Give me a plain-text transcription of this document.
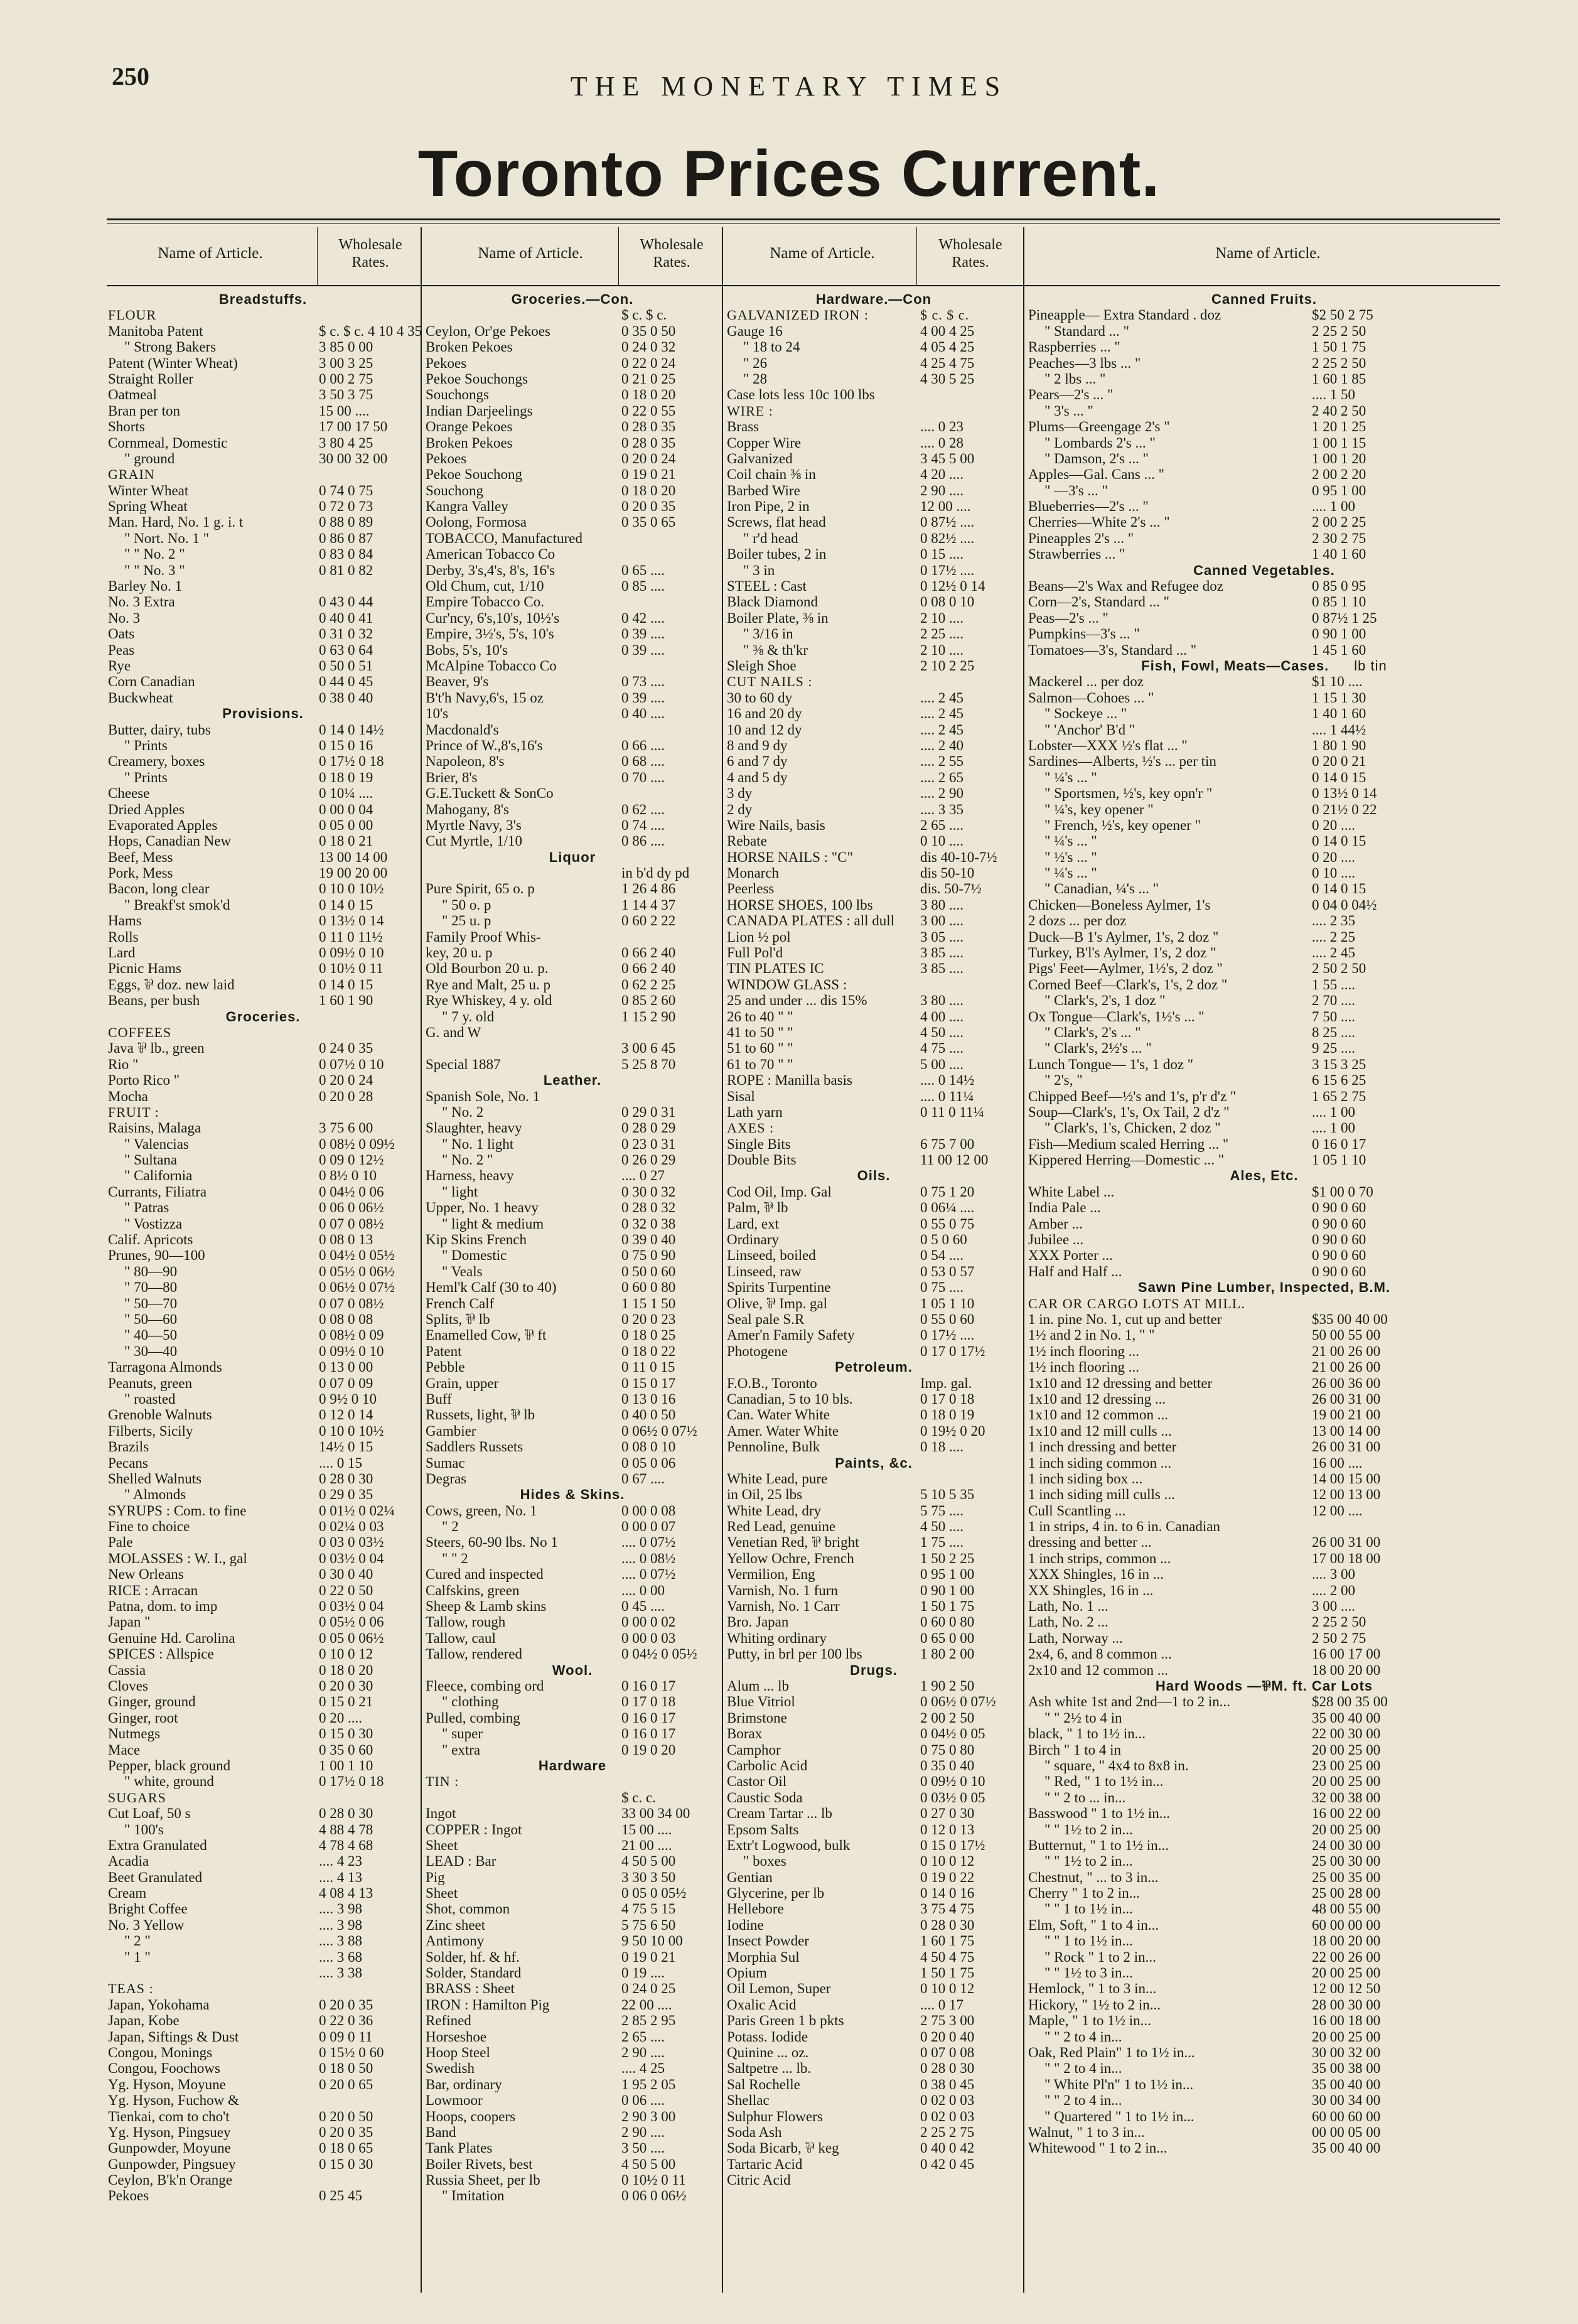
250	THE MONETARY TIMES
Toronto Prices Current.
Name of Article.	Wholesale Rates.
Name of Article.	Wholesale Rates.
Name of Article.	Wholesale Rates.
Name of Article.
Breadstuffs.
FLOUR
Manitoba Patent	$ c. $ c. 4 10 4 35
" Strong Bakers	3 85 0 00
Patent (Winter Wheat)	3 00 3 25
Straight Roller	0 00 2 75
Oatmeal	3 50 3 75
Bran per ton	15 00 ....
Shorts	17 00 17 50
Cornmeal, Domestic	3 80 4 25
" ground	30 00 32 00
GRAIN
Winter Wheat	0 74 0 75
Spring Wheat	0 72 0 73
Man. Hard, No. 1 g. i. t	0 88 0 89
" Nort. No. 1 "	0 86 0 87
" " No. 2 "	0 83 0 84
" " No. 3 "	0 81 0 82
Barley No. 1
No. 3 Extra	0 43 0 44
No. 3	0 40 0 41
Oats	0 31 0 32
Peas	0 63 0 64
Rye	0 50 0 51
Corn Canadian	0 44 0 45
Buckwheat	0 38 0 40
Provisions.
Butter, dairy, tubs	0 14 0 14½
" Prints	0 15 0 16
Creamery, boxes	0 17½ 0 18
" Prints	0 18 0 19
Cheese	0 10¼ ....
Dried Apples	0 00 0 04
Evaporated Apples	0 05 0 00
Hops, Canadian New	0 18 0 21
Beef, Mess	13 00 14 00
Pork, Mess	19 00 20 00
Bacon, long clear	0 10 0 10½
" Breakf'st smok'd	0 14 0 15
Hams	0 13½ 0 14
Rolls	0 11 0 11½
Lard	0 09½ 0 10
Picnic Hams	0 10½ 0 11
Eggs, ⅌ doz. new laid	0 14 0 15
Beans, per bush	1 60 1 90
Groceries.
COFFEES
Java ⅌ lb., green	0 24 0 35
Rio "	0 07½ 0 10
Porto Rico "	0 20 0 24
Mocha	0 20 0 28
FRUIT :
Raisins, Malaga	3 75 6 00
" Valencias	0 08½ 0 09½
" Sultana	0 09 0 12½
" California	0 8½ 0 10
Currants, Filiatra	0 04½ 0 06
" Patras	0 06 0 06½
" Vostizza	0 07 0 08½
Calif. Apricots	0 08 0 13
Prunes, 90—100	0 04½ 0 05½
" 80—90	0 05½ 0 06½
" 70—80	0 06½ 0 07½
" 50—70	0 07 0 08½
" 50—60	0 08 0 08
" 40—50	0 08½ 0 09
" 30—40	0 09½ 0 10
Tarragona Almonds	0 13 0 00
Peanuts, green	0 07 0 09
" roasted	0 9½ 0 10
Grenoble Walnuts	0 12 0 14
Filberts, Sicily	0 10 0 10½
Brazils	14½ 0 15
Pecans	.... 0 15
Shelled Walnuts	0 28 0 30
" Almonds	0 29 0 35
SYRUPS : Com. to fine	0 01½ 0 02¼
Fine to choice	0 02¼ 0 03
Pale	0 03 0 03½
MOLASSES : W. I., gal	0 03½ 0 04
New Orleans	0 30 0 40
RICE : Arracan	0 22 0 50
Patna, dom. to imp	0 03½ 0 04
Japan "	0 05½ 0 06
Genuine Hd. Carolina	0 05 0 06½
SPICES : Allspice	0 10 0 12
Cassia	0 18 0 20
Cloves	0 20 0 30
Ginger, ground	0 15 0 21
Ginger, root	0 20 ....
Nutmegs	0 15 0 30
Mace	0 35 0 60
Pepper, black ground	1 00 1 10
" white, ground	0 17½ 0 18
SUGARS
Cut Loaf, 50 s	0 28 0 30
" 100's	4 88 4 78
Extra Granulated	4 78 4 68
Acadia	.... 4 23
Beet Granulated	.... 4 13
Cream	4 08 4 13
Bright Coffee	.... 3 98
No. 3 Yellow	.... 3 98
" 2 "	.... 3 88
" 1 "	.... 3 68
.... 3 38
TEAS :
Japan, Yokohama	0 20 0 35
Japan, Kobe	0 22 0 36
Japan, Siftings & Dust	0 09 0 11
Congou, Monings	0 15½ 0 60
Congou, Foochows	0 18 0 50
Yg. Hyson, Moyune	0 20 0 65
Yg. Hyson, Fuchow &
Tienkai, com to cho't	0 20 0 50
Yg. Hyson, Pingsuey	0 20 0 35
Gunpowder, Moyune	0 18 0 65
Gunpowder, Pingsuey	0 15 0 30
Ceylon, B'k'n Orange
Pekoes	0 25 45
Groceries.—Con.
$ c. $ c.
Ceylon, Or'ge Pekoes	0 35 0 50
Broken Pekoes	0 24 0 32
Pekoes	0 22 0 24
Pekoe Souchongs	0 21 0 25
Souchongs	0 18 0 20
Indian Darjeelings	0 22 0 55
Orange Pekoes	0 28 0 35
Broken Pekoes	0 28 0 35
Pekoes	0 20 0 24
Pekoe Souchong	0 19 0 21
Souchong	0 18 0 20
Kangra Valley	0 20 0 35
Oolong, Formosa	0 35 0 65
TOBACCO, Manufactured
American Tobacco Co
Derby, 3's,4's, 8's, 16's	0 65 ....
Old Chum, cut, 1/10	0 85 ....
Empire Tobacco Co.
Cur'ncy, 6's,10's, 10½'s	0 42 ....
Empire, 3½'s, 5's, 10's	0 39 ....
Bobs, 5's, 10's	0 39 ....
McAlpine Tobacco Co
Beaver, 9's	0 73 ....
B't'h Navy,6's, 15 oz	0 39 ....
10's	0 40 ....
Macdonald's
Prince of W.,8's,16's	0 66 ....
Napoleon, 8's	0 68 ....
Brier, 8's	0 70 ....
G.E.Tuckett & SonCo
Mahogany, 8's	0 62 ....
Myrtle Navy, 3's	0 74 ....
Cut Myrtle, 1/10	0 86 ....
Liquor
in b'd dy pd
Pure Spirit, 65 o. p	1 26 4 86
" 50 o. p	1 14 4 37
" 25 u. p	0 60 2 22
Family Proof Whis-
key, 20 u. p	0 66 2 40
Old Bourbon 20 u. p.	0 66 2 40
Rye and Malt, 25 u. p	0 62 2 25
Rye Whiskey, 4 y. old	0 85 2 60
" 7 y. old	1 15 2 90
G. and W
3 00 6 45
Special 1887	5 25 8 70
Leather.
Spanish Sole, No. 1
" No. 2	0 29 0 31
Slaughter, heavy	0 28 0 29
" No. 1 light	0 23 0 31
" No. 2 "	0 26 0 29
Harness, heavy	.... 0 27
" light	0 30 0 32
Upper, No. 1 heavy	0 28 0 32
" light & medium	0 32 0 38
Kip Skins French	0 39 0 40
" Domestic	0 75 0 90
" Veals	0 50 0 60
Heml'k Calf (30 to 40)	0 60 0 80
French Calf	1 15 1 50
Splits, ⅌ lb	0 20 0 23
Enamelled Cow, ⅌ ft	0 18 0 25
Patent	0 18 0 22
Pebble	0 11 0 15
Grain, upper	0 15 0 17
Buff	0 13 0 16
Russets, light, ⅌ lb	0 40 0 50
Gambier	0 06½ 0 07½
Saddlers Russets	0 08 0 10
Sumac	0 05 0 06
Degras	0 67 ....
Hides & Skins.
Cows, green, No. 1	0 00 0 08
" 2	0 00 0 07
Steers, 60-90 lbs. No 1	.... 0 07½
" " 2	.... 0 08½
Cured and inspected	.... 0 07½
Calfskins, green	.... 0 00
Sheep & Lamb skins	0 45 ....
Tallow, rough	0 00 0 02
Tallow, caul	0 00 0 03
Tallow, rendered	0 04½ 0 05½
Wool.
Fleece, combing ord	0 16 0 17
" clothing	0 17 0 18
Pulled, combing	0 16 0 17
" super	0 16 0 17
" extra	0 19 0 20
Hardware
TIN :
$ c. c.
Ingot	33 00 34 00
COPPER : Ingot	15 00 ....
Sheet	21 00 ....
LEAD : Bar	4 50 5 00
Pig	3 30 3 50
Sheet	0 05 0 05½
Shot, common	4 75 5 15
Zinc sheet	5 75 6 50
Antimony	9 50 10 00
Solder, hf. & hf.	0 19 0 21
Solder, Standard	0 19 ....
BRASS : Sheet	0 24 0 25
IRON : Hamilton Pig	22 00 ....
Refined	2 85 2 95
Horseshoe	2 65 ....
Hoop Steel	2 90 ....
Swedish	.... 4 25
Bar, ordinary	1 95 2 05
Lowmoor	0 06 ....
Hoops, coopers	2 90 3 00
Band	2 90 ....
Tank Plates	3 50 ....
Boiler Rivets, best	4 50 5 00
Russia Sheet, per lb	0 10½ 0 11
" Imitation	0 06 0 06½
Hardware.—Con
GALVANIZED IRON :	$ c. $ c.
Gauge 16	4 00 4 25
" 18 to 24	4 05 4 25
" 26	4 25 4 75
" 28	4 30 5 25
Case lots less 10c 100 lbs
WIRE :
Brass	.... 0 23
Copper Wire	.... 0 28
Galvanized	3 45 5 00
Coil chain ⅜ in	4 20 ....
Barbed Wire	2 90 ....
Iron Pipe, 2 in	12 00 ....
Screws, flat head	0 87½ ....
" r'd head	0 82½ ....
Boiler tubes, 2 in	0 15 ....
" 3 in	0 17½ ....
STEEL : Cast	0 12½ 0 14
Black Diamond	0 08 0 10
Boiler Plate, ⅜ in	2 10 ....
" 3/16 in	2 25 ....
" ⅜ & th'kr	2 10 ....
Sleigh Shoe	2 10 2 25
CUT NAILS :
30 to 60 dy	.... 2 45
16 and 20 dy	.... 2 45
10 and 12 dy	.... 2 45
8 and 9 dy	.... 2 40
6 and 7 dy	.... 2 55
4 and 5 dy	.... 2 65
3 dy	.... 2 90
2 dy	.... 3 35
Wire Nails, basis	2 65 ....
Rebate	0 10 ....
HORSE NAILS : "C"	dis 40-10-7½
Monarch	dis 50-10
Peerless	dis. 50-7½
HORSE SHOES, 100 lbs	3 80 ....
CANADA PLATES : all dull	3 00 ....
Lion ½ pol	3 05 ....
Full Pol'd	3 85 ....
TIN PLATES IC	3 85 ....
WINDOW GLASS :
25 and under ... dis 15%	3 80 ....
26 to 40 " "	4 00 ....
41 to 50 " "	4 50 ....
51 to 60 " "	4 75 ....
61 to 70 " "	5 00 ....
ROPE : Manilla basis	.... 0 14½
Sisal	.... 0 11¼
Lath yarn	0 11 0 11¼
AXES :
Single Bits	6 75 7 00
Double Bits	11 00 12 00
Oils.
Cod Oil, Imp. Gal	0 75 1 20
Palm, ⅌ lb	0 06¼ ....
Lard, ext	0 55 0 75
Ordinary	0 5 0 60
Linseed, boiled	0 54 ....
Linseed, raw	0 53 0 57
Spirits Turpentine	0 75 ....
Olive, ⅌ Imp. gal	1 05 1 10
Seal pale S.R	0 55 0 60
Amer'n Family Safety	0 17½ ....
Photogene	0 17 0 17½
Petroleum.
F.O.B., Toronto	Imp. gal.
Canadian, 5 to 10 bls.	0 17 0 18
Can. Water White	0 18 0 19
Amer. Water White	0 19½ 0 20
Pennoline, Bulk	0 18 ....
Paints, &c.
White Lead, pure
in Oil, 25 lbs	5 10 5 35
White Lead, dry	5 75 ....
Red Lead, genuine	4 50 ....
Venetian Red, ⅌ bright	1 75 ....
Yellow Ochre, French	1 50 2 25
Vermilion, Eng	0 95 1 00
Varnish, No. 1 furn	0 90 1 00
Varnish, No. 1 Carr	1 50 1 75
Bro. Japan	0 60 0 80
Whiting ordinary	0 65 0 00
Putty, in brl per 100 lbs	1 80 2 00
Drugs.
Alum ... lb	1 90 2 50
Blue Vitriol	0 06½ 0 07½
Brimstone	2 00 2 50
Borax	0 04½ 0 05
Camphor	0 75 0 80
Carbolic Acid	0 35 0 40
Castor Oil	0 09½ 0 10
Caustic Soda	0 03½ 0 05
Cream Tartar ... lb	0 27 0 30
Epsom Salts	0 12 0 13
Extr't Logwood, bulk	0 15 0 17½
" boxes	0 10 0 12
Gentian	0 19 0 22
Glycerine, per lb	0 14 0 16
Hellebore	3 75 4 75
Iodine	0 28 0 30
Insect Powder	1 60 1 75
Morphia Sul	4 50 4 75
Opium	1 50 1 75
Oil Lemon, Super	0 10 0 12
Oxalic Acid	.... 0 17
Paris Green 1 b pkts	2 75 3 00
Potass. Iodide	0 20 0 40
Quinine ... oz.	0 07 0 08
Saltpetre ... lb.	0 28 0 30
Sal Rochelle	0 38 0 45
Shellac	0 02 0 03
Sulphur Flowers	0 02 0 03
Soda Ash	2 25 2 75
Soda Bicarb, ⅌ keg	0 40 0 42
Tartaric Acid	0 42 0 45
Citric Acid
Canned Fruits.
Pineapple— Extra Standard . doz	$2 50 2 75
" Standard ... "	2 25 2 50
Raspberries ... "	1 50 1 75
Peaches—3 lbs ... "	2 25 2 50
" 2 lbs ... "	1 60 1 85
Pears—2's ... "	.... 1 50
" 3's ... "	2 40 2 50
Plums—Greengage 2's "	1 20 1 25
" Lombards 2's ... "	1 00 1 15
" Damson, 2's ... "	1 00 1 20
Apples—Gal. Cans ... "	2 00 2 20
" —3's ... "	0 95 1 00
Blueberries—2's ... "	.... 1 00
Cherries—White 2's ... "	2 00 2 25
Pineapples 2's ... "	2 30 2 75
Strawberries ... "	1 40 1 60
Canned Vegetables.
Beans—2's Wax and Refugee doz	0 85 0 95
Corn—2's, Standard ... "	0 85 1 10
Peas—2's ... "	0 87½ 1 25
Pumpkins—3's ... "	0 90 1 00
Tomatoes—3's, Standard ... "	1 45 1 60
Fish, Fowl, Meats—Cases. lb tin
Mackerel ... per doz	$1 10 ....
Salmon—Cohoes ... "	1 15 1 30
" Sockeye ... "	1 40 1 60
" 'Anchor' B'd "	.... 1 44½
Lobster—XXX ½'s flat ... "	1 80 1 90
Sardines—Alberts, ½'s ... per tin	0 20 0 21
" ¼'s ... "	0 14 0 15
" Sportsmen, ½'s, key opn'r "	0 13½ 0 14
" ¼'s, key opener "	0 21½ 0 22
" French, ½'s, key opener "	0 20 ....
" ¼'s ... "	0 14 0 15
" ½'s ... "	0 20 ....
" ¼'s ... "	0 10 ....
" Canadian, ¼'s ... "	0 14 0 15
Chicken—Boneless Aylmer, 1's	0 04 0 04½
2 dozs ... per doz	.... 2 35
Duck—B 1's Aylmer, 1's, 2 doz "	.... 2 25
Turkey, B'l's Aylmer, 1's, 2 doz "	.... 2 45
Pigs' Feet—Aylmer, 1½'s, 2 doz "	2 50 2 50
Corned Beef—Clark's, 1's, 2 doz "	1 55 ....
" Clark's, 2's, 1 doz "	2 70 ....
Ox Tongue—Clark's, 1½'s ... "	7 50 ....
" Clark's, 2's ... "	8 25 ....
" Clark's, 2½'s ... "	9 25 ....
Lunch Tongue— 1's, 1 doz "	3 15 3 25
" 2's, "	6 15 6 25
Chipped Beef—½'s and 1's, p'r d'z "	1 65 2 75
Soup—Clark's, 1's, Ox Tail, 2 d'z "	.... 1 00
" Clark's, 1's, Chicken, 2 doz "	.... 1 00
Fish—Medium scaled Herring ... "	0 16 0 17
Kippered Herring—Domestic ... "	1 05 1 10
Ales, Etc.
White Label ...	$1 00 0 70
India Pale ...	0 90 0 60
Amber ...	0 90 0 60
Jubilee ...	0 90 0 60
XXX Porter ...	0 90 0 60
Half and Half ...	0 90 0 60
Sawn Pine Lumber, Inspected, B.M.
CAR OR CARGO LOTS AT MILL.
1 in. pine No. 1, cut up and better	$35 00 40 00
1½ and 2 in No. 1, " "	50 00 55 00
1½ inch flooring ...	21 00 26 00
1½ inch flooring ...	21 00 26 00
1x10 and 12 dressing and better	26 00 36 00
1x10 and 12 dressing ...	26 00 31 00
1x10 and 12 common ...	19 00 21 00
1x10 and 12 mill culls ...	13 00 14 00
1 inch dressing and better	26 00 31 00
1 inch siding common ...	16 00 ....
1 inch siding box ...	14 00 15 00
1 inch siding mill culls ...	12 00 13 00
Cull Scantling ...	12 00 ....
1 in strips, 4 in. to 6 in. Canadian
dressing and better ...	26 00 31 00
1 inch strips, common ...	17 00 18 00
XXX Shingles, 16 in ...	.... 3 00
XX Shingles, 16 in ...	.... 2 00
Lath, No. 1 ...	3 00 ....
Lath, No. 2 ...	2 25 2 50
Lath, Norway ...	2 50 2 75
2x4, 6, and 8 common ...	16 00 17 00
2x10 and 12 common ...	18 00 20 00
Hard Woods —⅌M. ft. Car Lots
Ash white 1st and 2nd—1 to 2 in...	$28 00 35 00
" " 2½ to 4 in	35 00 40 00
black, " 1 to 1½ in...	22 00 30 00
Birch " 1 to 4 in	20 00 25 00
" square, " 4x4 to 8x8 in.	23 00 25 00
" Red, " 1 to 1½ in...	20 00 25 00
" " 2 to ... in...	32 00 38 00
Basswood " 1 to 1½ in...	16 00 22 00
" " 1½ to 2 in...	20 00 25 00
Butternut, " 1 to 1½ in...	24 00 30 00
" " 1½ to 2 in...	25 00 30 00
Chestnut, " ... to 3 in...	25 00 35 00
Cherry " 1 to 2 in...	25 00 28 00
" " 1 to 1½ in...	48 00 55 00
Elm, Soft, " 1 to 4 in...	60 00 00 00
" " 1 to 1½ in...	18 00 20 00
" Rock " 1 to 2 in...	22 00 26 00
" " 1½ to 3 in...	20 00 25 00
Hemlock, " 1 to 3 in...	12 00 12 50
Hickory, " 1½ to 2 in...	28 00 30 00
Maple, " 1 to 1½ in...	16 00 18 00
" " 2 to 4 in...	20 00 25 00
Oak, Red Plain" 1 to 1½ in...	30 00 32 00
" " 2 to 4 in...	35 00 38 00
" White Pl'n" 1 to 1½ in...	35 00 40 00
" " 2 to 4 in...	30 00 34 00
" Quartered " 1 to 1½ in...	60 00 60 00
Walnut, " 1 to 3 in...	00 00 05 00
Whitewood " 1 to 2 in...	35 00 40 00
